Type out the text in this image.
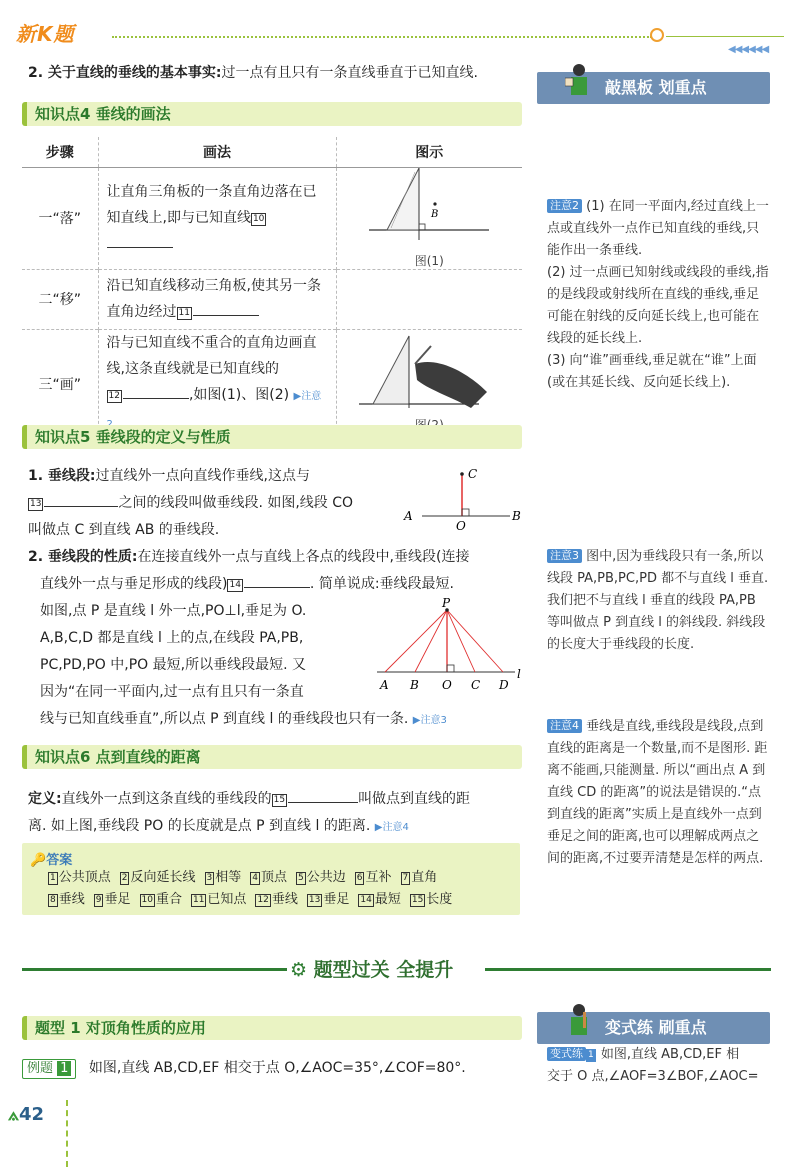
新K题
◀◀◀◀◀◀
2. 关于直线的垂线的基本事实:过一点有且只有一条直线垂直于已知直线.
敲黑板 划重点
知识点4 垂线的画法
步骤	画法	图示
一“落”	让直角三角板的一条直角边落在已知直线上,即与已知直线 10	B
图(1)

二“移”	沿已知直线移动三角板,使其另一条直角边经过 11	
三“画”	沿与已知直线不重合的直角边画直线,这条直线就是已知直线的
12 ,如图(1)、图(2) ▶注意	
注意2 (1) 在同一平面内,经过直线上一点或直线外一点作已知直线的垂线,只能作出一条垂线.
(2) 过一点画已知射线或线段的垂线,指的是线段或射线所在直线的垂线,垂足可能在射线的反向延长线上,也可能在线段的延长线上.
(3) 向“谁”画垂线,垂足就在“谁”上面(或在其延长线、反向延长线上).
知识点5 垂线段的定义与性质
1. 垂线段:过直线外一点向直线作垂线,这点与
13	之间的线段叫做垂线段. 如图,线段 CO
叫做点 C 到直线 AB 的垂线段.
C
A	B
O
2. 垂线段的性质:在连接直线外一点与直线上各点的线段中,垂线段(连接
直线外一点与垂足形成的线段) 14	. 简单说成:垂线段最短.
如图,点 P 是直线 l 外一点,PO⊥l,垂足为 O.
A,B,C,D 都是直线 l 上的点,在线段 PA,PB,
PC,PD,PO 中,PO 最短,所以垂线段最短. 又
因为“在同一平面内,过一点有且只有一条直
线与已知直线垂直”,所以点 P 到直线 l 的垂线段也只有一条. ▶注意3
P
A B O C D
l
注意3 图中,因为垂线段只有一条,所以线段 PA,PB,PC,PD 都不与直线 l 垂直. 我们把不与直线 l 垂直的线段 PA,PB 等叫做点 P 到直线 l 的斜线段. 斜线段的长度大于垂线段的长度.
知识点6 点到直线的距离
定义:直线外一点到这条直线的垂线段的 15	叫做点到直线的距
离. 如上图,垂线段 PO 的长度就是点 P 到直线 l 的距离. ▶注意4
注意4 垂线是直线,垂线段是线段,点到直线的距离是一个数量,而不是图形. 距离不能画,只能测量. 所以“画出点 A 到直线 CD 的距离”的说法是错误的.“点到直线的距离”实质上是直线外一点到垂足之间的距离,也可以理解成两点之间的距离,不过要弄清楚是怎样的两点.
🔑答案
1 公共顶点 2 反向延长线 3 相等 4 顶点 5 公共边 6 互补 7 直角
8 垂线 9 垂足 10 重合 11 已知点 12 垂线 13 垂足 14 最短 15 长度
⚙ 题型过关 全提升
题型 1 对顶角性质的应用
例题 1 如图,直线 AB,CD,EF 相交于点 O,∠AOC=35°,∠COF=80°.
变式练 刷重点
变式练 1 如图,直线 AB,CD,EF 相
交于 O 点,∠AOF=3∠BOF,∠AOC=
⟑42
